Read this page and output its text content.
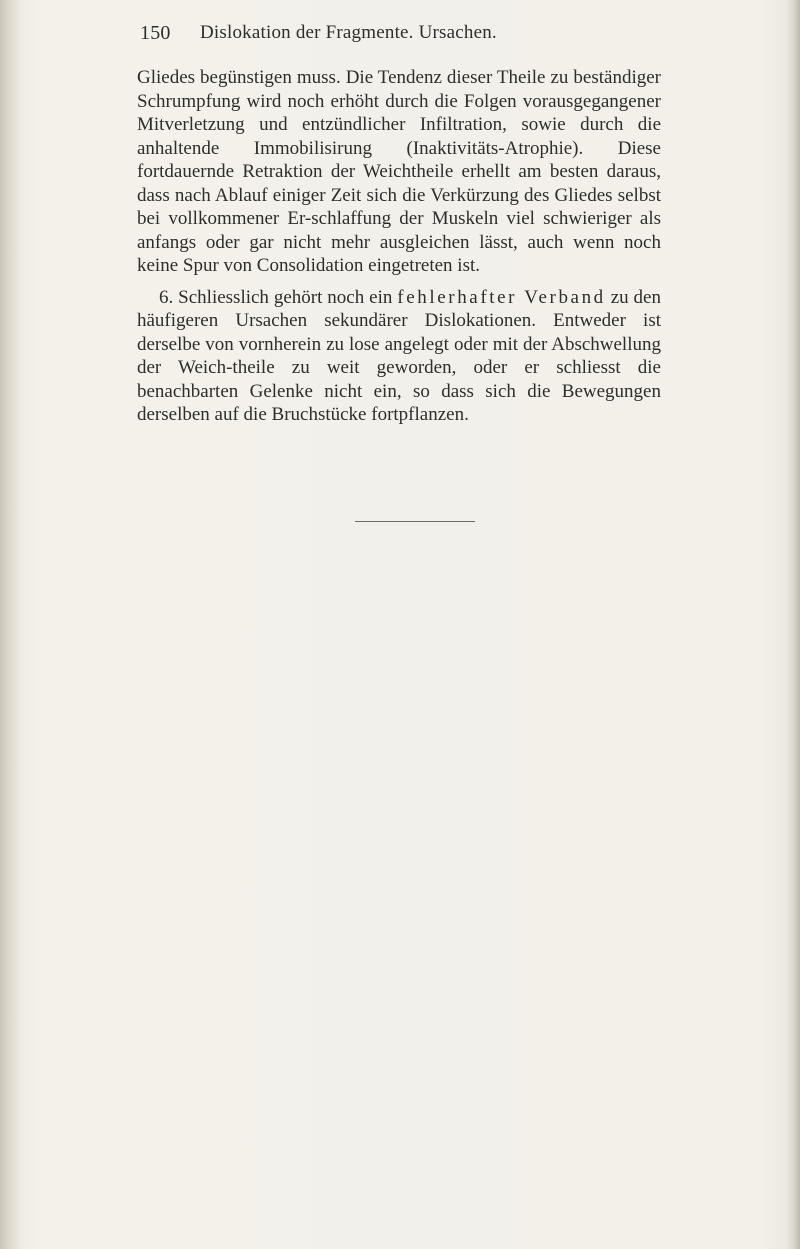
150 Dislokation der Fragmente. Ursachen.

Gliedes begünstigen muss. Die Tendenz dieser Theile zu beständiger Schrumpfung wird noch erhöht durch die Folgen vorausgegangener Mitverletzung und entzündlicher Infiltration, sowie durch die anhaltende Immobilisirung (Inaktivitäts-Atrophie). Diese fortdauernde Retraktion der Weichtheile erhellt am besten daraus, dass nach Ablauf einiger Zeit sich die Verkürzung des Gliedes selbst bei vollkommener Er-schlaffung der Muskeln viel schwieriger als anfangs oder gar nicht mehr ausgleichen lässt, auch wenn noch keine Spur von Consolidation eingetreten ist.

6. Schliesslich gehört noch ein fehlerhafter Verband zu den häufigeren Ursachen sekundärer Dislokationen. Entweder ist derselbe von vornherein zu lose angelegt oder mit der Abschwellung der Weich-theile zu weit geworden, oder er schliesst die benachbarten Gelenke nicht ein, so dass sich die Bewegungen derselben auf die Bruchstücke fortpflanzen.
